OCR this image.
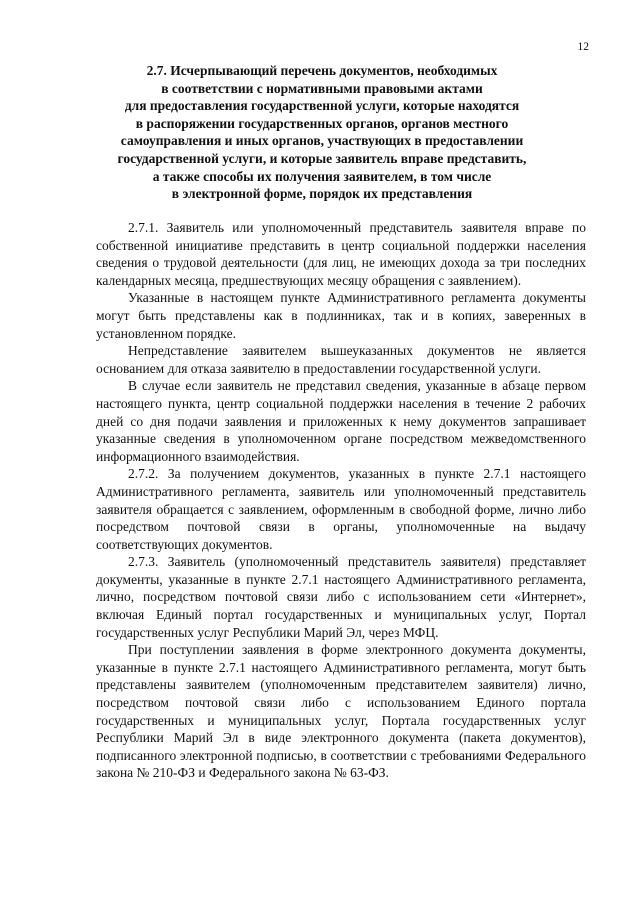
12
2.7. Исчерпывающий перечень документов, необходимых
в соответствии с нормативными правовыми актами
для предоставления государственной услуги, которые находятся
в распоряжении государственных органов, органов местного
самоуправления и иных органов, участвующих в предоставлении
государственной услуги, и которые заявитель вправе представить,
а также способы их получения заявителем, в том числе
в электронной форме, порядок их представления

2.7.1. Заявитель или уполномоченный представитель заявителя вправе по собственной инициативе представить в центр социальной поддержки населения сведения о трудовой деятельности (для лиц, не имеющих дохода за три последних календарных месяца, предшествующих месяцу обращения с заявлением).

Указанные в настоящем пункте Административного регламента документы могут быть представлены как в подлинниках, так и в копиях, заверенных в установленном порядке.

Непредставление заявителем вышеуказанных документов не является основанием для отказа заявителю в предоставлении государственной услуги.

В случае если заявитель не представил сведения, указанные в абзаце первом настоящего пункта, центр социальной поддержки населения в течение 2 рабочих дней со дня подачи заявления и приложенных к нему документов запрашивает указанные сведения в уполномоченном органе посредством межведомственного информационного взаимодействия.

2.7.2. За получением документов, указанных в пункте 2.7.1 настоящего Административного регламента, заявитель или уполномоченный представитель заявителя обращается с заявлением, оформленным в свободной форме, лично либо посредством почтовой связи в органы, уполномоченные на выдачу соответствующих документов.

2.7.3. Заявитель (уполномоченный представитель заявителя) представляет документы, указанные в пункте 2.7.1 настоящего Административного регламента, лично, посредством почтовой связи либо с использованием сети «Интернет», включая Единый портал государственных и муниципальных услуг, Портал государственных услуг Республики Марий Эл, через МФЦ.

При поступлении заявления в форме электронного документа документы, указанные в пункте 2.7.1 настоящего Административного регламента, могут быть представлены заявителем (уполномоченным представителем заявителя) лично, посредством почтовой связи либо с использованием Единого портала государственных и муниципальных услуг, Портала государственных услуг Республики Марий Эл в виде электронного документа (пакета документов), подписанного электронной подписью, в соответствии с требованиями Федерального закона № 210-ФЗ и Федерального закона № 63-ФЗ.
